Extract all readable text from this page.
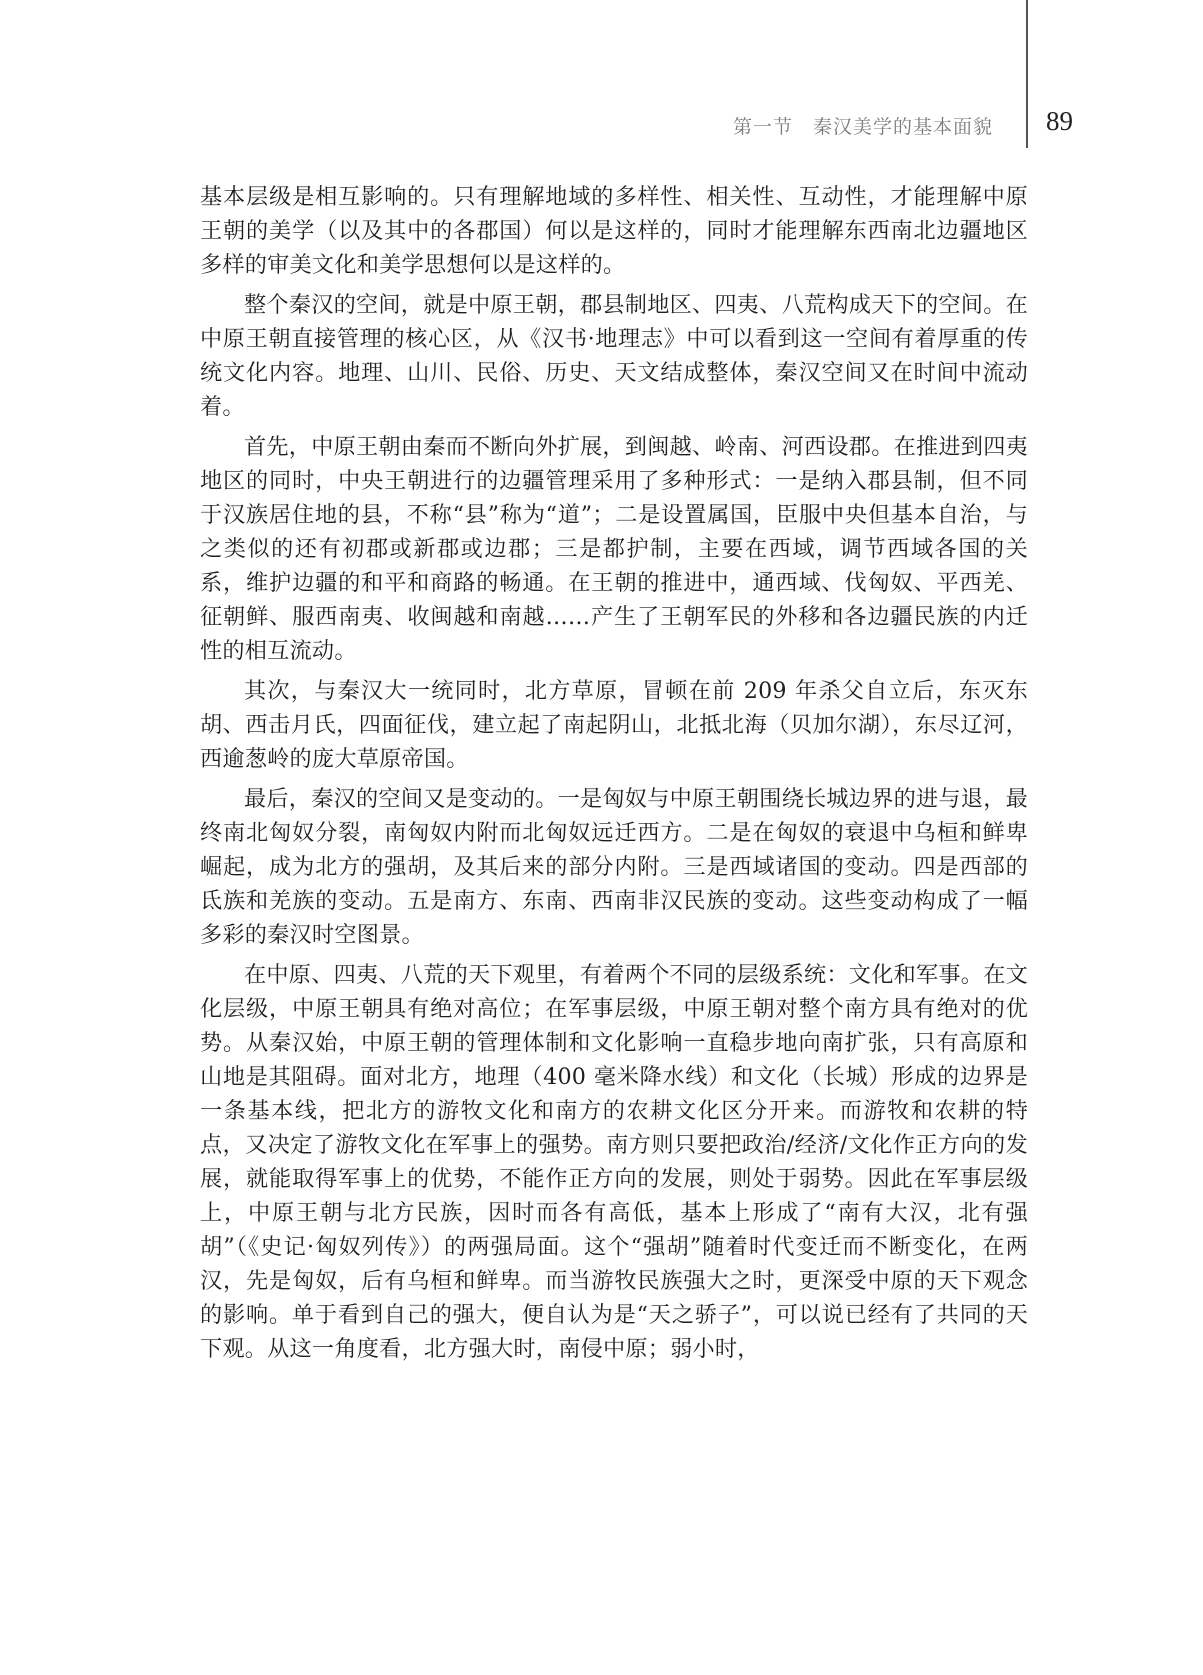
第一节　秦汉美学的基本面貌 89

基本层级是相互影响的。只有理解地域的多样性、相关性、互动性，才能理解中原王朝的美学（以及其中的各郡国）何以是这样的，同时才能理解东西南北边疆地区多样的审美文化和美学思想何以是这样的。

整个秦汉的空间，就是中原王朝，郡县制地区、四夷、八荒构成天下的空间。在中原王朝直接管理的核心区，从《汉书·地理志》中可以看到这一空间有着厚重的传统文化内容。地理、山川、民俗、历史、天文结成整体，秦汉空间又在时间中流动着。

首先，中原王朝由秦而不断向外扩展，到闽越、岭南、河西设郡。在推进到四夷地区的同时，中央王朝进行的边疆管理采用了多种形式：一是纳入郡县制，但不同于汉族居住地的县，不称“县”称为“道”；二是设置属国，臣服中央但基本自治，与之类似的还有初郡或新郡或边郡；三是都护制，主要在西域，调节西域各国的关系，维护边疆的和平和商路的畅通。在王朝的推进中，通西域、伐匈奴、平西羌、征朝鲜、服西南夷、收闽越和南越……产生了王朝军民的外移和各边疆民族的内迁性的相互流动。

其次，与秦汉大一统同时，北方草原，冒顿在前 209 年杀父自立后，东灭东胡、西击月氏，四面征伐，建立起了南起阴山，北抵北海（贝加尔湖），东尽辽河，西逾葱岭的庞大草原帝国。

最后，秦汉的空间又是变动的。一是匈奴与中原王朝围绕长城边界的进与退，最终南北匈奴分裂，南匈奴内附而北匈奴远迁西方。二是在匈奴的衰退中乌桓和鲜卑崛起，成为北方的强胡，及其后来的部分内附。三是西域诸国的变动。四是西部的氐族和羌族的变动。五是南方、东南、西南非汉民族的变动。这些变动构成了一幅多彩的秦汉时空图景。

在中原、四夷、八荒的天下观里，有着两个不同的层级系统：文化和军事。在文化层级，中原王朝具有绝对高位；在军事层级，中原王朝对整个南方具有绝对的优势。从秦汉始，中原王朝的管理体制和文化影响一直稳步地向南扩张，只有高原和山地是其阻碍。面对北方，地理（400 毫米降水线）和文化（长城）形成的边界是一条基本线，把北方的游牧文化和南方的农耕文化区分开来。而游牧和农耕的特点，又决定了游牧文化在军事上的强势。南方则只要把政治/经济/文化作正方向的发展，就能取得军事上的优势，不能作正方向的发展，则处于弱势。因此在军事层级上，中原王朝与北方民族，因时而各有高低，基本上形成了“南有大汉，北有强胡”（《史记·匈奴列传》）的两强局面。这个“强胡”随着时代变迁而不断变化，在两汉，先是匈奴，后有乌桓和鲜卑。而当游牧民族强大之时，更深受中原的天下观念的影响。单于看到自己的强大，便自认为是“天之骄子”，可以说已经有了共同的天下观。从这一角度看，北方强大时，南侵中原；弱小时，
